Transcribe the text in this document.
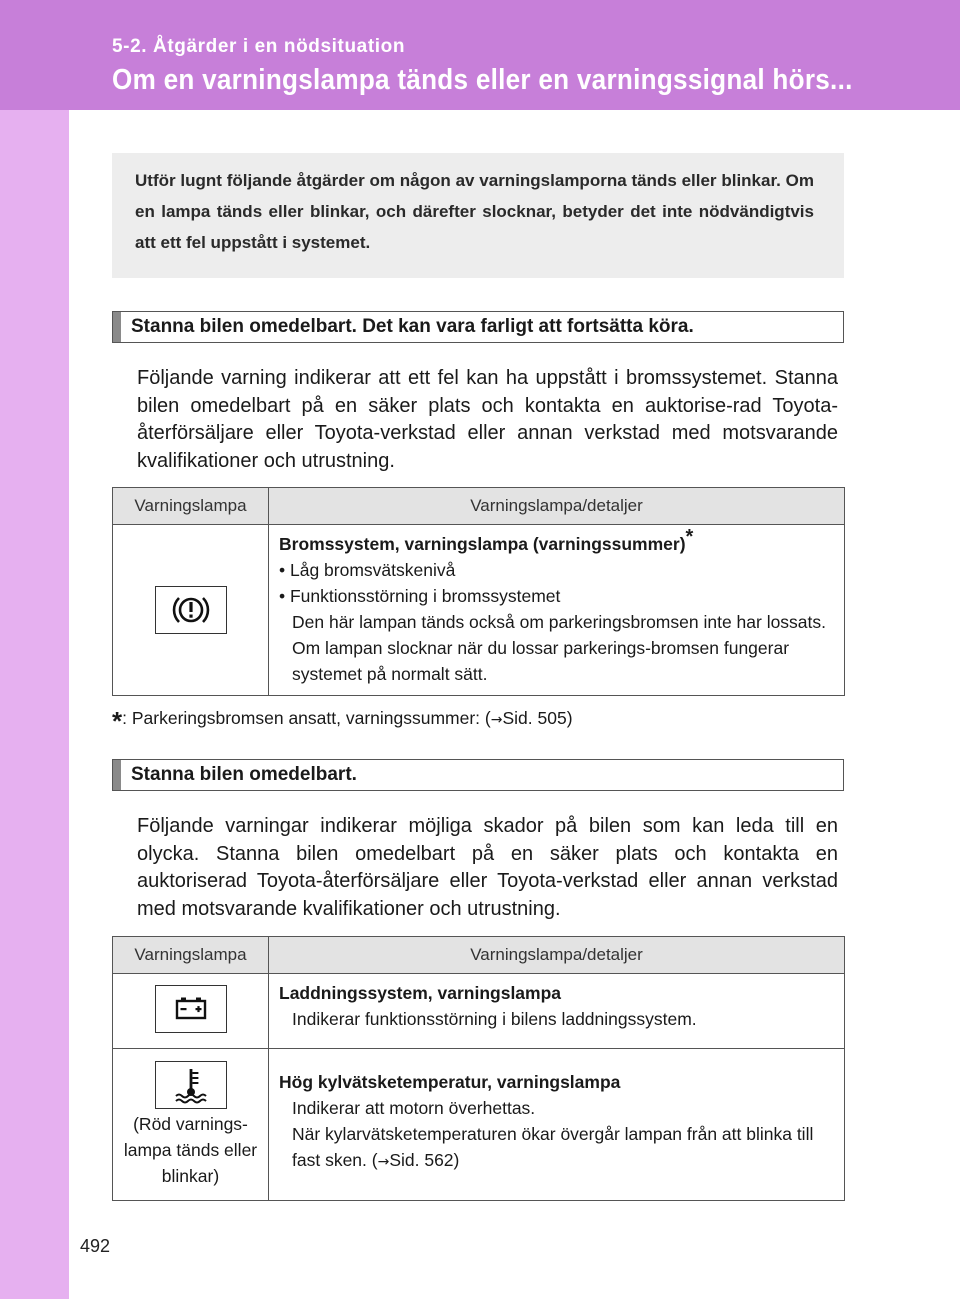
5-2. Åtgärder i en nödsituation
Om en varningslampa tänds eller en varningssignal hörs...

Utför lugnt följande åtgärder om någon av varningslamporna tänds eller blinkar. Om en lampa tänds eller blinkar, och därefter slocknar, betyder det inte nödvändigtvis att ett fel uppstått i systemet.

Stanna bilen omedelbart. Det kan vara farligt att fortsätta köra.

Följande varning indikerar att ett fel kan ha uppstått i bromssystemet. Stanna bilen omedelbart på en säker plats och kontakta en auktorise-rad Toyota-återförsäljare eller Toyota-verkstad eller annan verkstad med motsvarande kvalifikationer och utrustning.

Varningslampa	Varningslampa/detaljer

Bromssystem, varningslampa (varningssummer)*
• Låg bromsvätskenivå
• Funktionsstörning i bromssystemet
Den här lampan tänds också om parkeringsbromsen inte har lossats. Om lampan slocknar när du lossar parkerings-bromsen fungerar systemet på normalt sätt.
*: Parkeringsbromsen ansatt, varningssummer: (→Sid. 505)
Stanna bilen omedelbart.

Följande varningar indikerar möjliga skador på bilen som kan leda till en olycka. Stanna bilen omedelbart på en säker plats och kontakta en auktoriserad Toyota-återförsäljare eller Toyota-verkstad eller annan verkstad med motsvarande kvalifikationer och utrustning.

Varningslampa	Varningslampa/detaljer

Laddningssystem, varningslampa
Indikerar funktionsstörning i bilens laddningssystem.

(Röd varnings-lampa tänds eller blinkar)	Hög kylvätsketemperatur, varningslampa
Indikerar att motorn överhettas.
När kylarvätsketemperaturen ökar övergår lampan från att blinka till fast sken. (→Sid. 562)
492
